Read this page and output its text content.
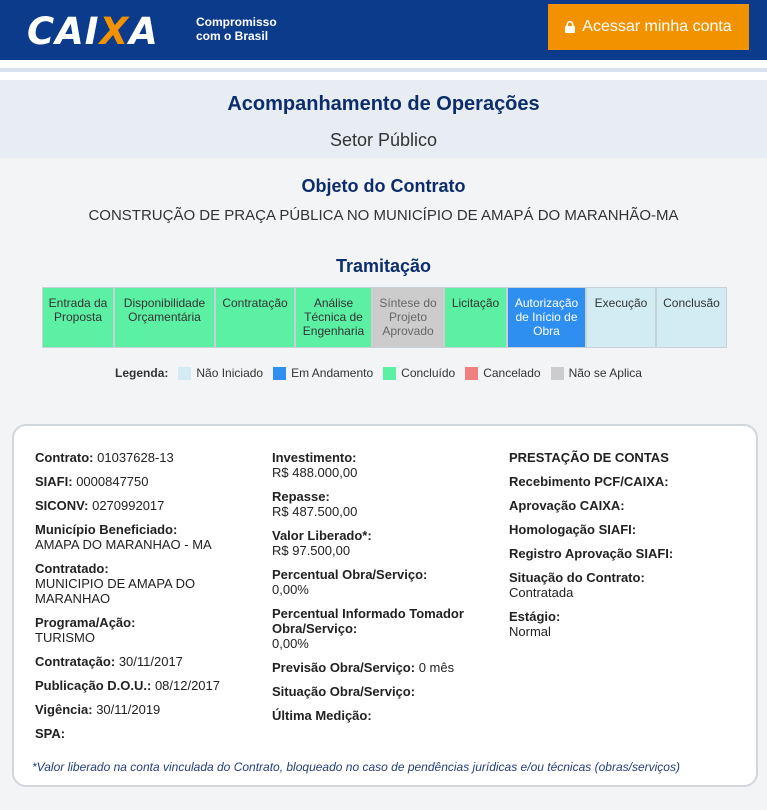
CAIXA	Compromisso
com o Brasil
Acessar minha conta
Acompanhamento de Operações
Setor Público
Objeto do Contrato
CONSTRUÇÃO DE PRAÇA PÚBLICA NO MUNICÍPIO DE AMAPÁ DO MARANHÃO-MA
Tramitação
Entrada da Proposta
Disponibilidade Orçamentária
Contratação	Análise Técnica de Engenharia
Síntese do Projeto Aprovado
Licitação	Autorização de Início de Obra
Execução	Conclusão
Legenda: Não Iniciado Em Andamento Concluído Cancelado Não se Aplica
Contrato: 01037628-13
SIAFI: 0000847750
SICONV: 0270992017
Município Beneficiado:
AMAPA DO MARANHAO - MA
Contratado:
MUNICIPIO DE AMAPA DO MARANHAO
Programa/Ação:
TURISMO
Contratação: 30/11/2017
Publicação D.O.U.: 08/12/2017
Vigência: 30/11/2019
SPA:
Investimento:
R$ 488.000,00
Repasse:
R$ 487.500,00
Valor Liberado*:
R$ 97.500,00
Percentual Obra/Serviço:
0,00%
Percentual Informado Tomador Obra/Serviço:
0,00%
Previsão Obra/Serviço: 0 mês
Situação Obra/Serviço:
Última Medição:
PRESTAÇÃO DE CONTAS
Recebimento PCF/CAIXA:
Aprovação CAIXA:
Homologação SIAFI:
Registro Aprovação SIAFI:
Situação do Contrato:
Contratada
Estágio:
Normal
*Valor liberado na conta vinculada do Contrato, bloqueado no caso de pendências jurídicas e/ou técnicas (obras/serviços)
